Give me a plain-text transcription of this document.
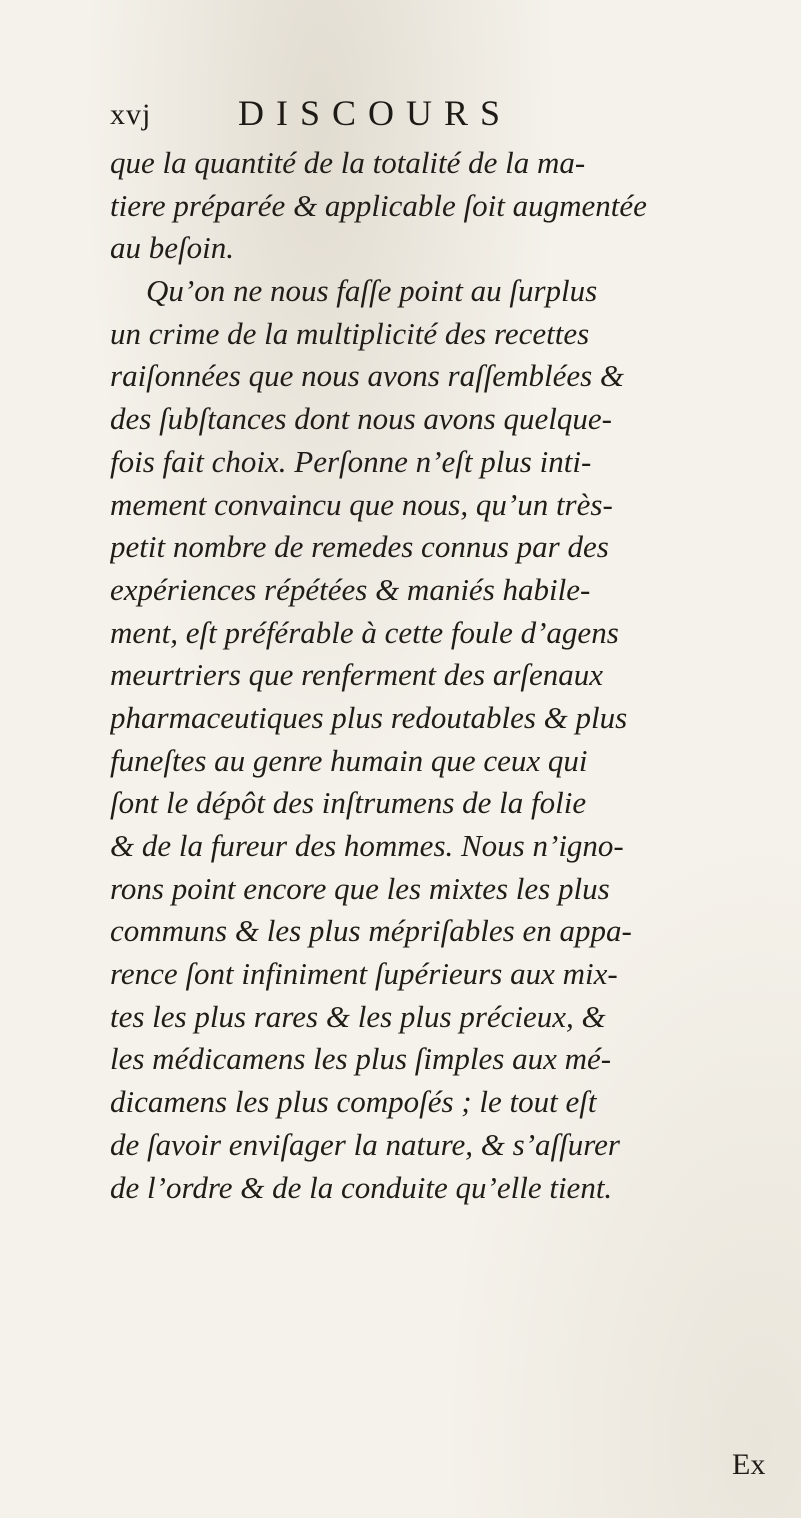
xvj DISCOURS
que la quantité de la totalité de la ma-
tiere préparée & applicable ſoit augmentée
au beſoin.
Qu’on ne nous faſſe point au ſurplus
un crime de la multiplicité des recettes
raiſonnées que nous avons raſſemblées &
des ſubſtances dont nous avons quelque-
fois fait choix. Perſonne n’eſt plus inti-
mement convaincu que nous, qu’un très-
petit nombre de remedes connus par des
expériences répétées & maniés habile-
ment, eſt préférable à cette foule d’agens
meurtriers que renferment des arſenaux
pharmaceutiques plus redoutables & plus
funeſtes au genre humain que ceux qui
ſont le dépôt des inſtrumens de la folie
& de la fureur des hommes. Nous n’igno-
rons point encore que les mixtes les plus
communs & les plus mépriſables en appa-
rence ſont infiniment ſupérieurs aux mix-
tes les plus rares & les plus précieux, &
les médicamens les plus ſimples aux mé-
dicamens les plus compoſés ; le tout eſt
de ſavoir enviſager la nature, & s’aſſurer
de l’ordre & de la conduite qu’elle tient.
Ex
